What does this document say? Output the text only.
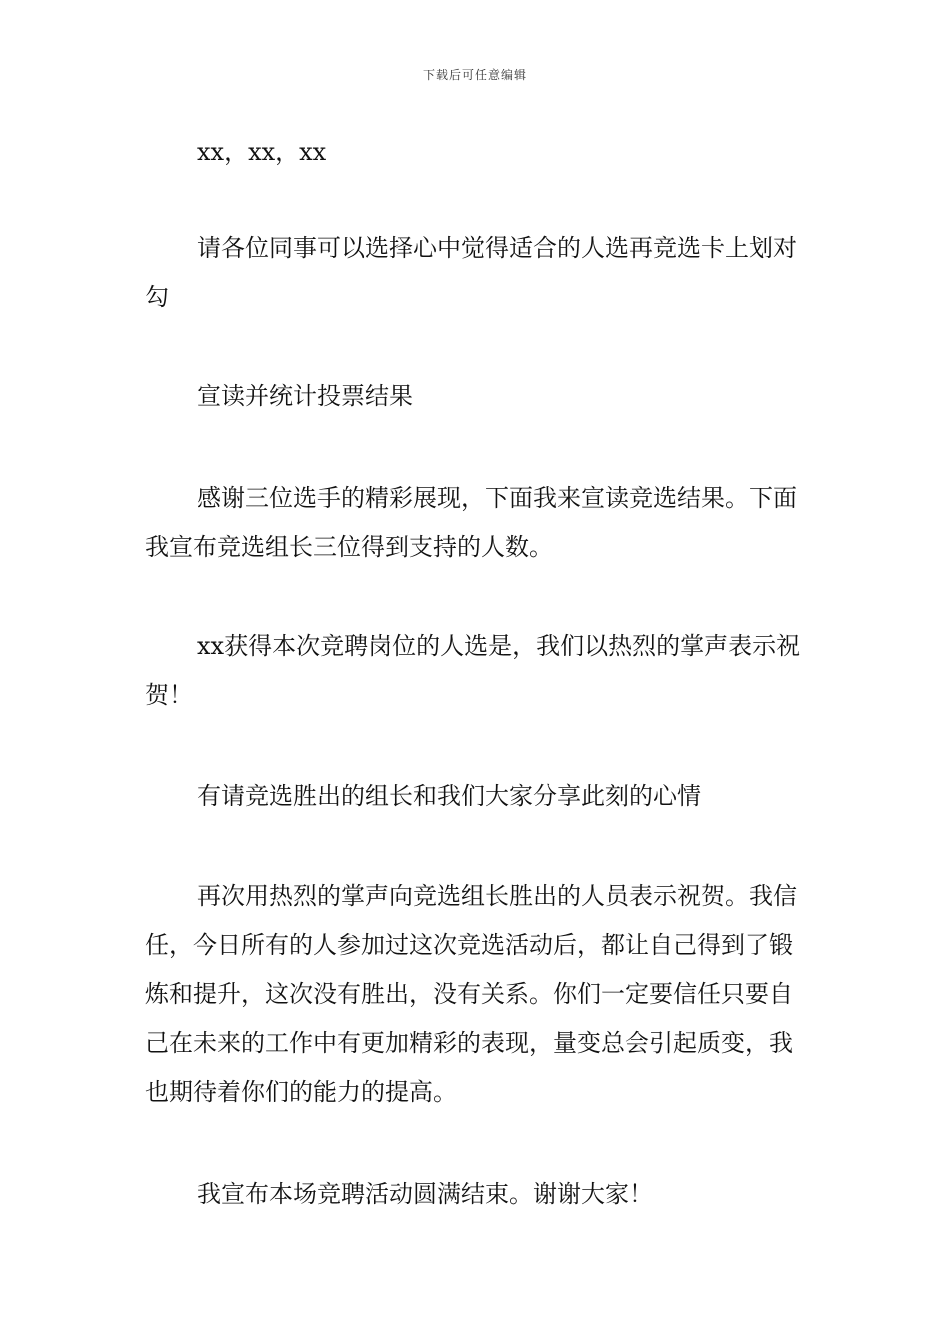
下载后可任意编辑

xx，xx，xx

请各位同事可以选择心中觉得适合的人选再竞选卡上划对勾

宣读并统计投票结果

感谢三位选手的精彩展现，下面我来宣读竞选结果。下面我宣布竞选组长三位得到支持的人数。

xx获得本次竞聘岗位的人选是，我们以热烈的掌声表示祝贺！

有请竞选胜出的组长和我们大家分享此刻的心情

再次用热烈的掌声向竞选组长胜出的人员表示祝贺。我信任，今日所有的人参加过这次竞选活动后，都让自己得到了锻炼和提升，这次没有胜出，没有关系。你们一定要信任只要自己在未来的工作中有更加精彩的表现，量变总会引起质变，我也期待着你们的能力的提高。

我宣布本场竞聘活动圆满结束。谢谢大家！
